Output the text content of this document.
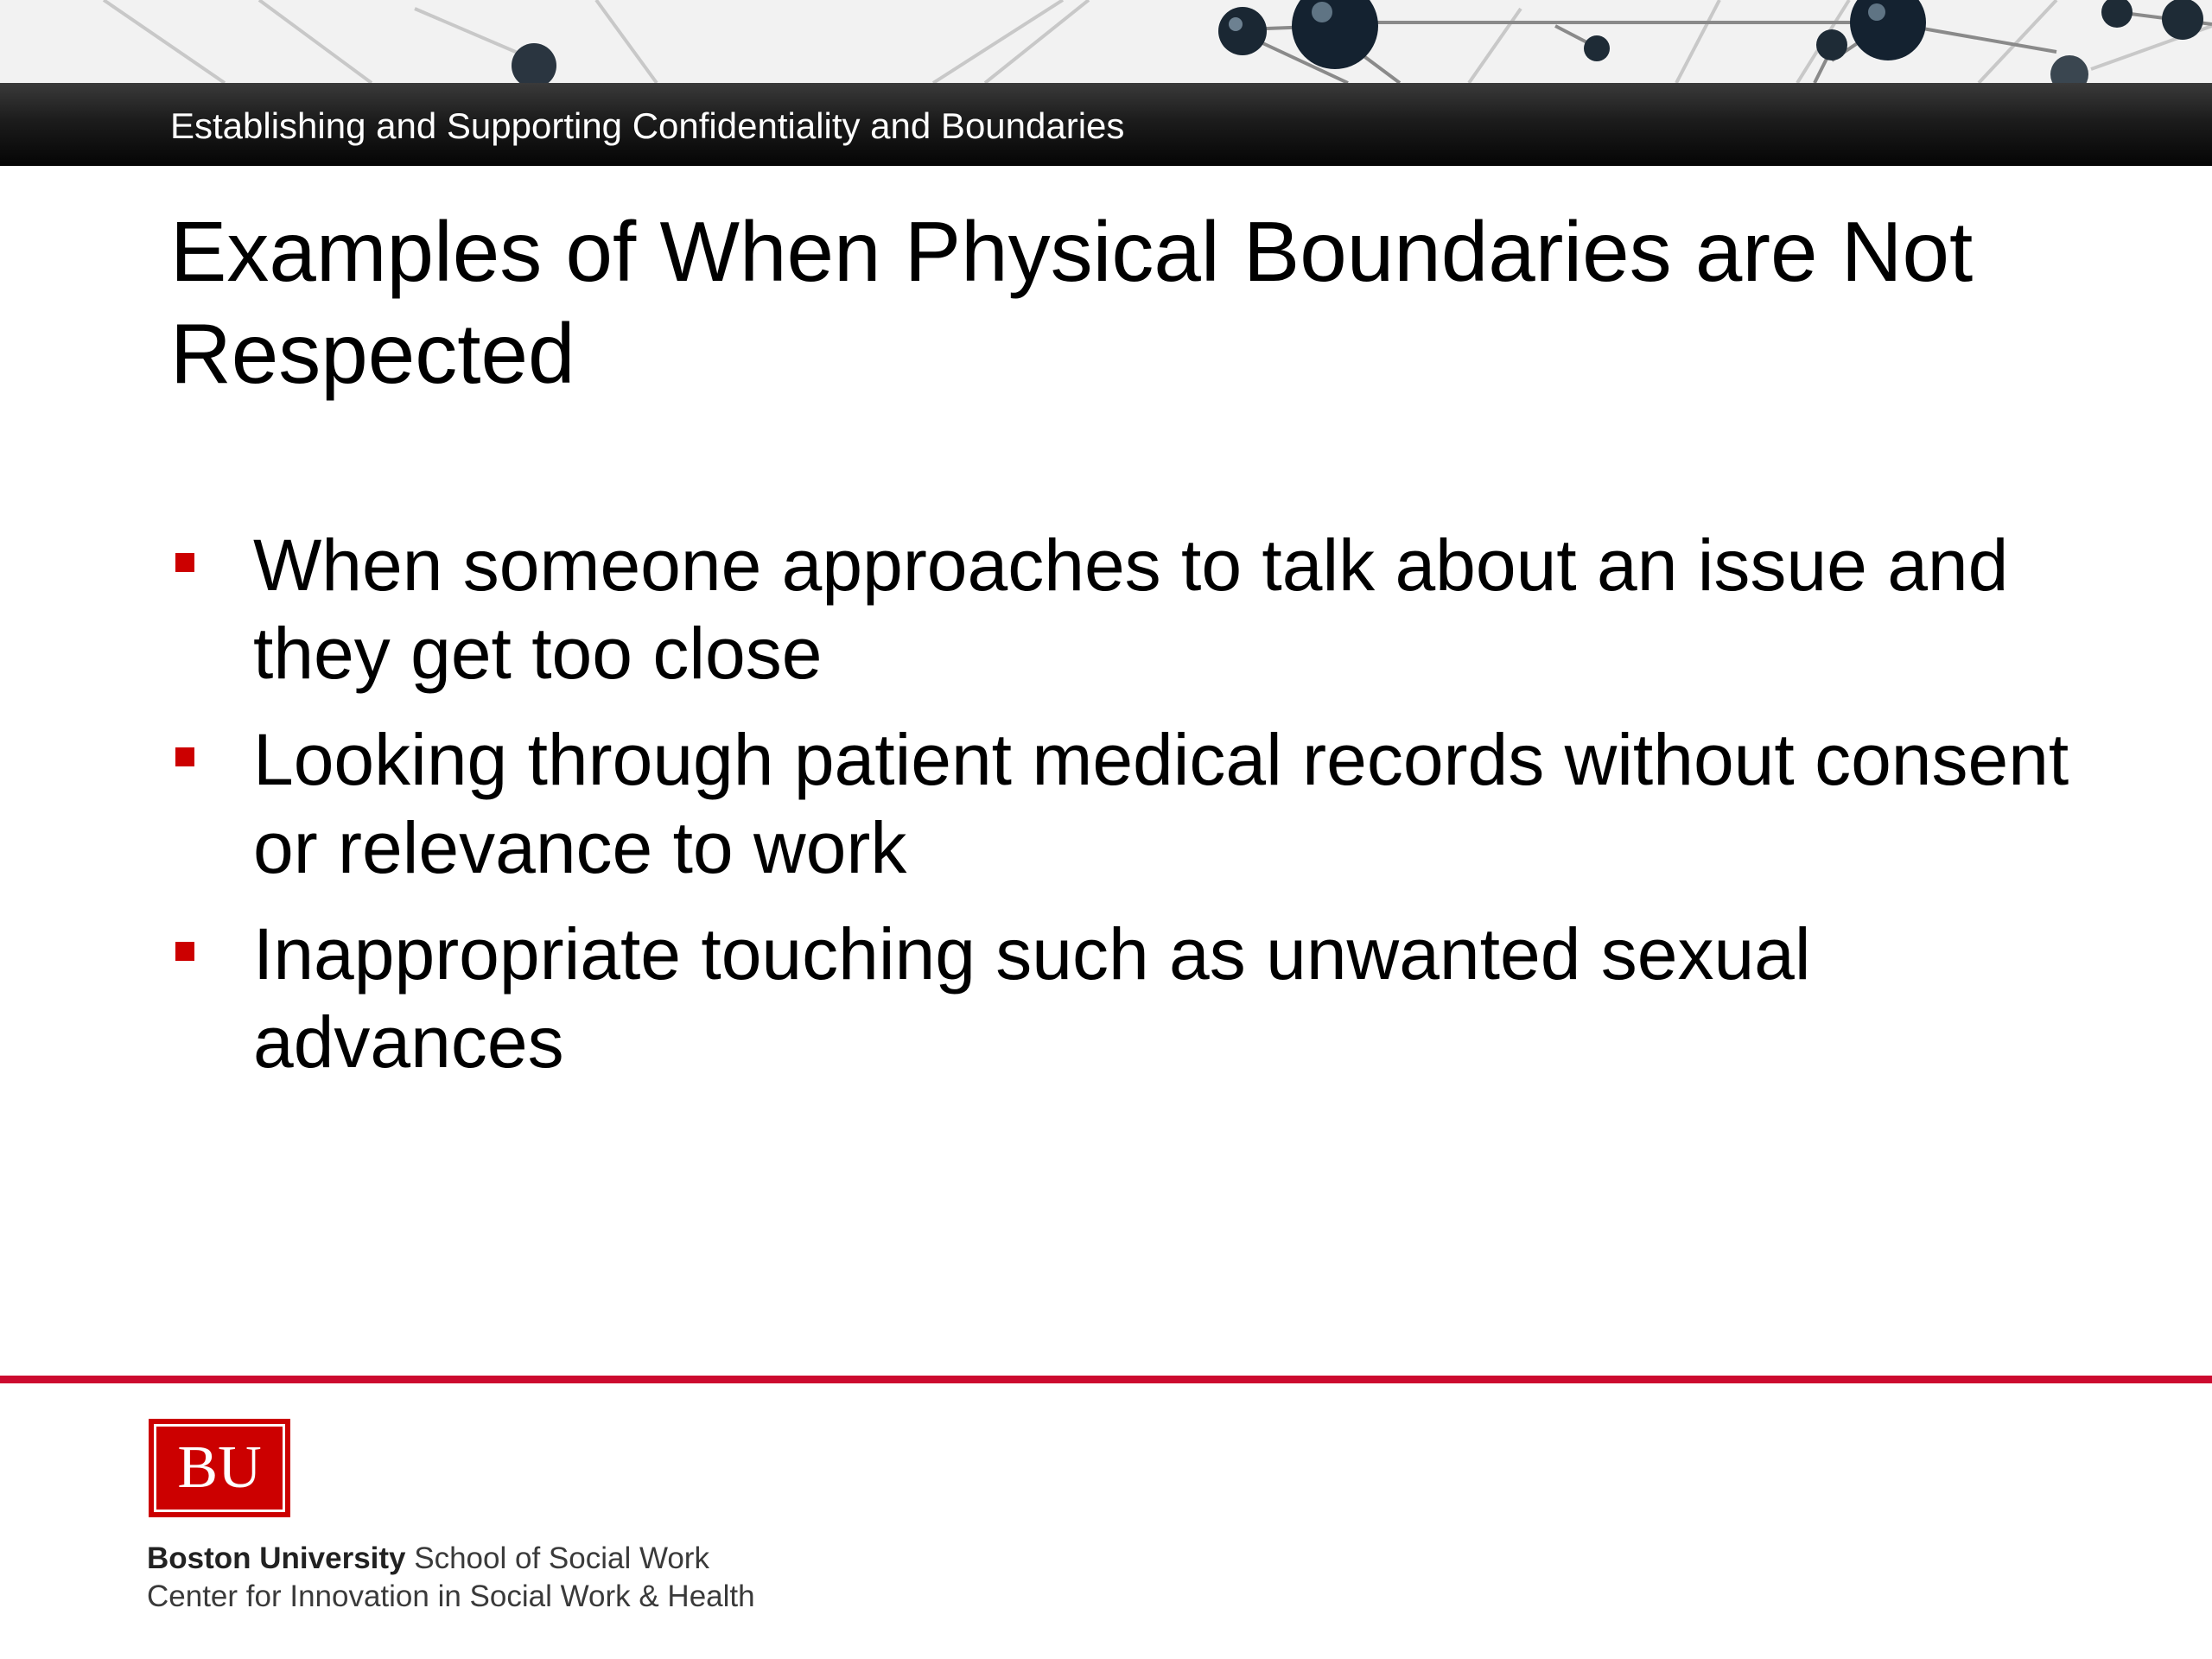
Establishing and Supporting Confidentiality and Boundaries
Examples of When Physical Boundaries are Not Respected
When someone approaches to talk about an issue and they get too close
Looking through patient medical records without consent or relevance to work
Inappropriate touching such as unwanted sexual advances
BU
Boston University School of Social Work
Center for Innovation in Social Work & Health
